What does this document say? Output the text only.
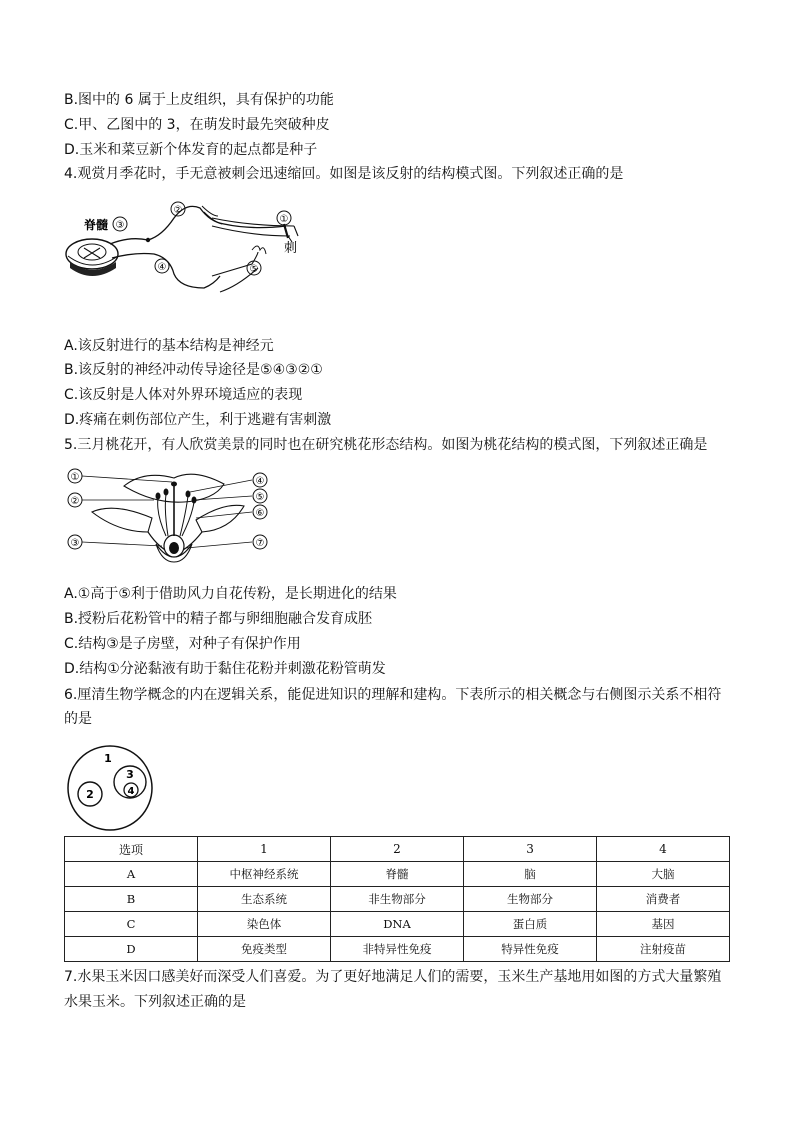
B.图中的 6 属于上皮组织，具有保护的功能
C.甲、乙图中的 3，在萌发时最先突破种皮
D.玉米和菜豆新个体发育的起点都是种子
4.观赏月季花时，手无意被刺会迅速缩回。如图是该反射的结构模式图。下列叙述正确的是
②
①
③
④	⑤
脊髓
刺
A.该反射进行的基本结构是神经元
B.该反射的神经冲动传导途径是⑤④③②①
C.该反射是人体对外界环境适应的表现
D.疼痛在刺伤部位产生，利于逃避有害刺激
5.三月桃花开，有人欣赏美景的同时也在研究桃花形态结构。如图为桃花结构的模式图，下列叙述正确是
①
②
③
④
⑤
⑥
⑦
A.①高于⑤利于借助风力自花传粉，是长期进化的结果
B.授粉后花粉管中的精子都与卵细胞融合发育成胚
C.结构③是子房壁，对种子有保护作用
D.结构①分泌黏液有助于黏住花粉并刺激花粉管萌发
6.厘清生物学概念的内在逻辑关系，能促进知识的理解和建构。下表所示的相关概念与右侧图示关系不相符
的是
1
2
3
4
选项	1	2	3	4
A	中枢神经系统	脊髓	脑	大脑
B	生态系统	非生物部分	生物部分	消费者
C	染色体	DNA	蛋白质	基因
D	免疫类型	非特异性免疫	特异性免疫	注射疫苗
7.水果玉米因口感美好而深受人们喜爱。为了更好地满足人们的需要，玉米生产基地用如图的方式大量繁殖
水果玉米。下列叙述正确的是
